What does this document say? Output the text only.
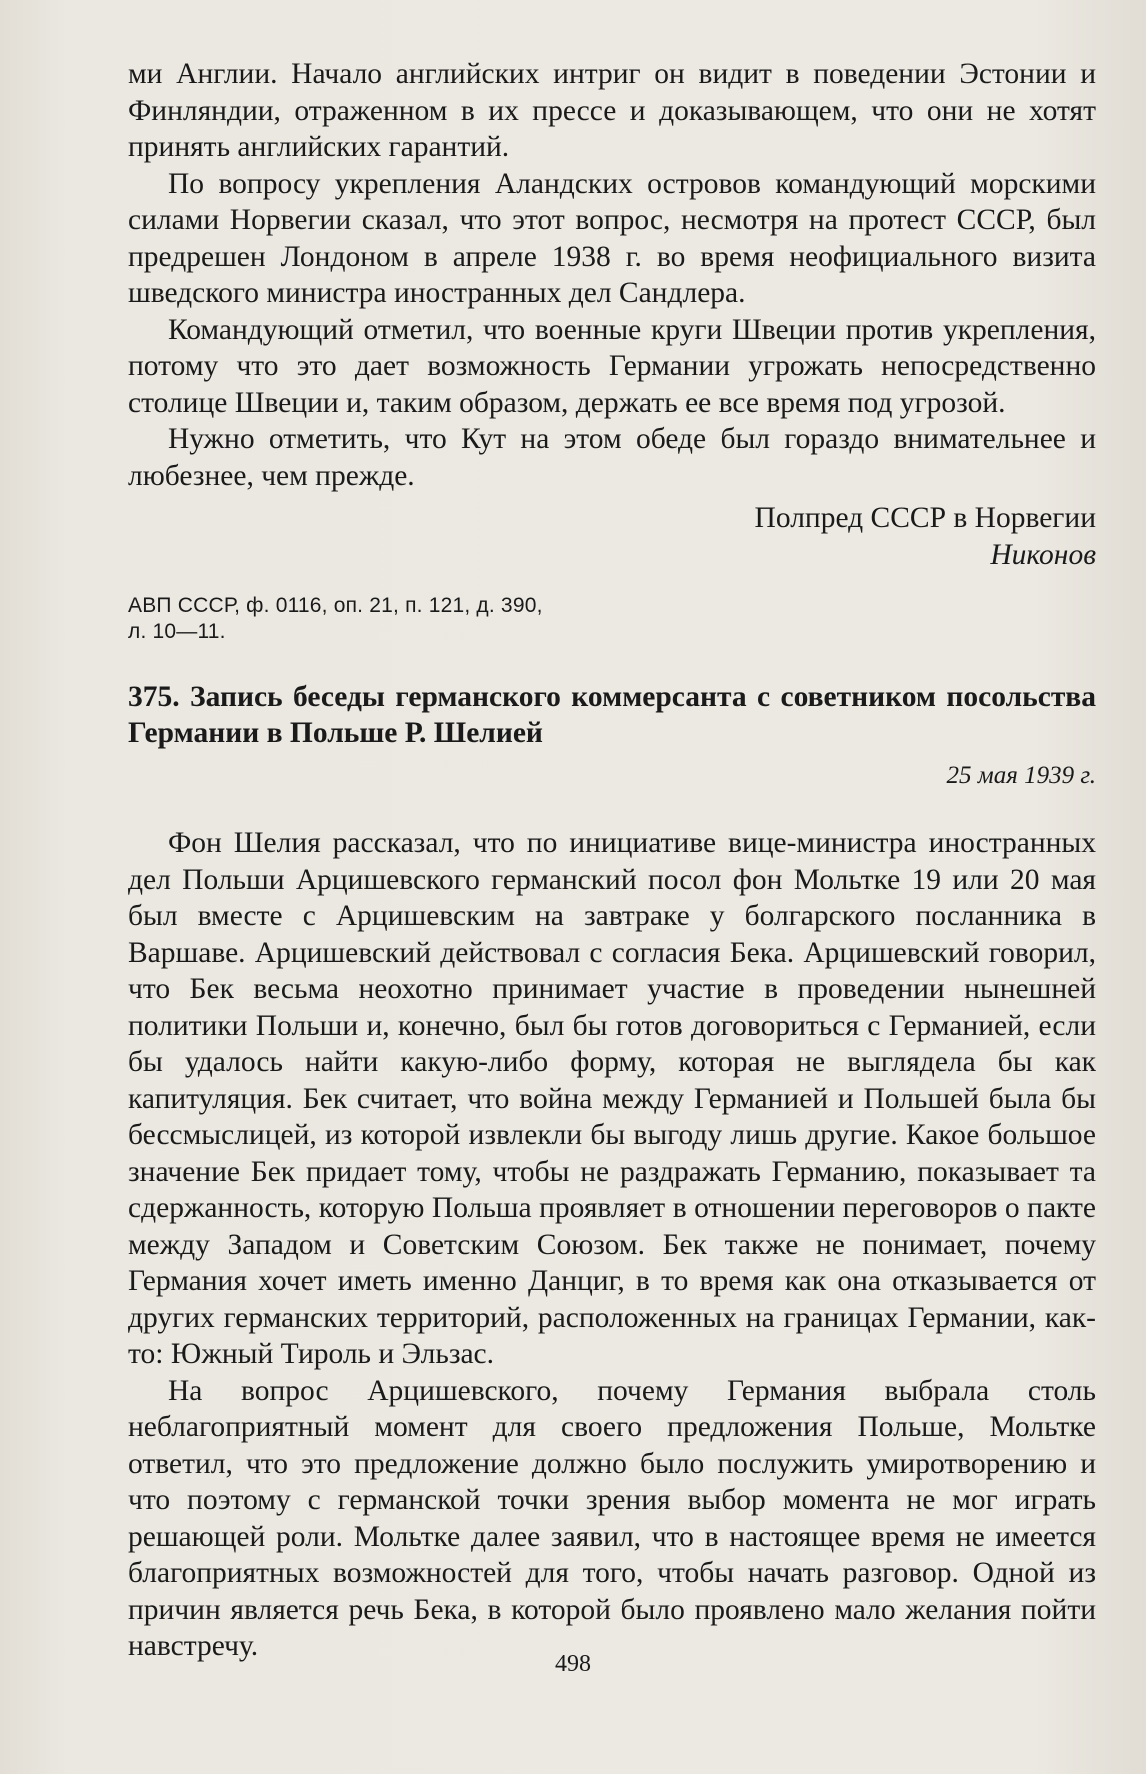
ми Англии. Начало английских интриг он видит в поведении Эстонии и Финляндии, отраженном в их прессе и доказывающем, что они не хотят принять английских гарантий.

По вопросу укрепления Аландских островов командующий морскими силами Норвегии сказал, что этот вопрос, несмотря на протест СССР, был предрешен Лондоном в апреле 1938 г. во время неофициального визита шведского министра иностранных дел Сандлера.

Командующий отметил, что военные круги Швеции против укрепления, потому что это дает возможность Германии угрожать непосредственно столице Швеции и, таким образом, держать ее все время под угрозой.

Нужно отметить, что Кут на этом обеде был гораздо внимательнее и любезнее, чем прежде.

Полпред СССР в Норвегии
Никонов
АВП СССР, ф. 0116, оп. 21, п. 121, д. 390,
л. 10—11.
375. Запись беседы германского коммерсанта с советником посольства Германии в Польше Р. Шелией
25 мая 1939 г.

Фон Шелия рассказал, что по инициативе вице-министра иностранных дел Польши Арцишевского германский посол фон Мольтке 19 или 20 мая был вместе с Арцишевским на завтраке у болгарского посланника в Варшаве. Арцишевский действовал с согласия Бека. Арцишевский говорил, что Бек весьма неохотно принимает участие в проведении нынешней политики Польши и, конечно, был бы готов договориться с Германией, если бы удалось найти какую-либо форму, которая не выглядела бы как капитуляция. Бек считает, что война между Германией и Польшей была бы бессмыслицей, из которой извлекли бы выгоду лишь другие. Какое большое значение Бек придает тому, чтобы не раздражать Германию, показывает та сдержанность, которую Польша проявляет в отношении переговоров о пакте между Западом и Советским Союзом. Бек также не понимает, почему Германия хочет иметь именно Данциг, в то время как она отказывается от других германских территорий, расположенных на границах Германии, как-то: Южный Тироль и Эльзас.

На вопрос Арцишевского, почему Германия выбрала столь неблагоприятный момент для своего предложения Польше, Мольтке ответил, что это предложение должно было послужить умиротворению и что поэтому с германской точки зрения выбор момента не мог играть решающей роли. Мольтке далее заявил, что в настоящее время не имеется благоприятных возможностей для того, чтобы начать разговор. Одной из причин является речь Бека, в которой было проявлено мало желания пойти навстречу.

498
